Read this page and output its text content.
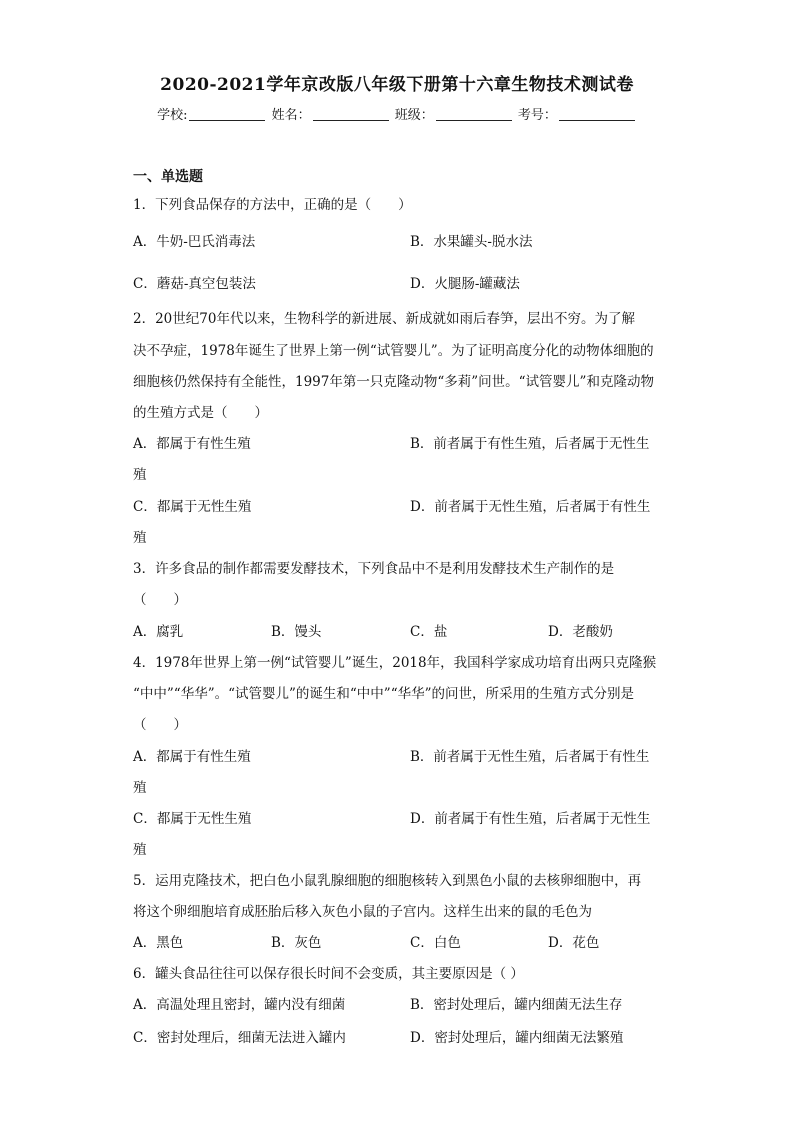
2020-2021学年京改版八年级下册第十六章生物技术测试卷
学校:	姓名：	班级：	考号：
一、单选题
1．下列食品保存的方法中，正确的是（　　）
A．牛奶-巴氏消毒法	B．水果罐头-脱水法
C．蘑菇-真空包装法	D．火腿肠-罐藏法
2．20世纪70年代以来，生物科学的新进展、新成就如雨后春笋，层出不穷。为了解
决不孕症，1978年诞生了世界上第一例“试管婴儿”。为了证明高度分化的动物体细胞的
细胞核仍然保持有全能性，1997年第一只克隆动物“多莉”问世。“试管婴儿”和克隆动物
的生殖方式是（　　）
A．都属于有性生殖	B．前者属于有性生殖，后者属于无性生
殖
C．都属于无性生殖	D．前者属于无性生殖，后者属于有性生
殖
3．许多食品的制作都需要发酵技术，下列食品中不是利用发酵技术生产制作的是
（　　）
A．腐乳	B．馒头	C．盐	D．老酸奶
4．1978年世界上第一例“试管婴儿”诞生，2018年，我国科学家成功培育出两只克隆猴
“中中”“华华”。“试管婴儿”的诞生和“中中”“华华”的问世，所采用的生殖方式分别是
（　　）
A．都属于有性生殖	B．前者属于无性生殖，后者属于有性生
殖
C．都属于无性生殖	D．前者属于有性生殖，后者属于无性生
殖
5．运用克隆技术，把白色小鼠乳腺细胞的细胞核转入到黑色小鼠的去核卵细胞中，再
将这个卵细胞培育成胚胎后移入灰色小鼠的子宫内。这样生出来的鼠的毛色为
A．黑色	B．灰色	C．白色	D．花色
6．罐头食品往往可以保存很长时间不会变质，其主要原因是（ ）
A．高温处理且密封，罐内没有细菌	B．密封处理后，罐内细菌无法生存
C．密封处理后，细菌无法进入罐内	D．密封处理后，罐内细菌无法繁殖
